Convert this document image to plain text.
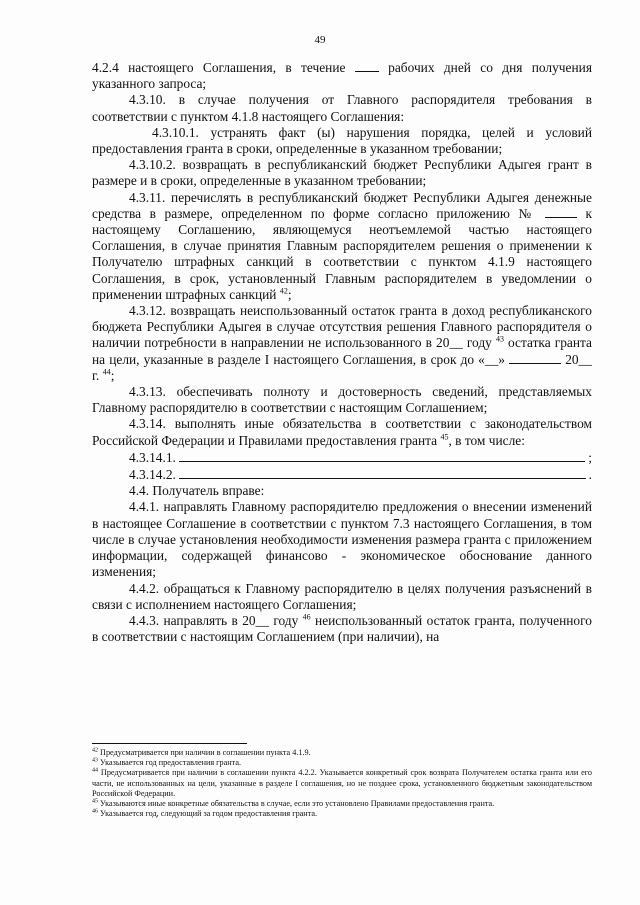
49

4.2.4 настоящего Соглашения, в течение	рабочих дней со дня получения указанного запроса;

4.3.10. в случае получения от Главного распорядителя требования в соответствии с пунктом 4.1.8 настоящего Соглашения:

4.3.10.1. устранять факт (ы) нарушения порядка, целей и условий предоставления гранта в сроки, определенные в указанном требовании;

4.3.10.2. возвращать в республиканский бюджет Республики Адыгея грант в размере и в сроки, определенные в указанном требовании;

4.3.11. перечислять в республиканский бюджет Республики Адыгея денежные средства в размере, определенном по форме согласно приложению №	к настоящему Соглашению, являющемуся неотъемлемой частью настоящего Соглашения, в случае принятия Главным распорядителем решения о применении к Получателю штрафных санкций в соответствии с пунктом 4.1.9 настоящего Соглашения, в срок, установленный Главным распорядителем в уведомлении о применении штрафных санкций $^{42}$;

4.3.12. возвращать неиспользованный остаток гранта в доход республиканского бюджета Республики Адыгея в случае отсутствия решения Главного распорядителя о наличии потребности в направлении не использованного в 20__ году $^{43}$ остатка гранта на цели, указанные в разделе I настоящего Соглашения, в срок до «__»	20__ г. $^{44}$;

4.3.13. обеспечивать полноту и достоверность сведений, представляемых Главному распорядителю в соответствии с настоящим Соглашением;

4.3.14. выполнять иные обязательства в соответствии с законодательством Российской Федерации и Правилами предоставления гранта $^{45}$, в том числе:

4.3.14.1.	;
4.3.14.2.	.

4.4. Получатель вправе:

4.4.1. направлять Главному распорядителю предложения о внесении изменений в настоящее Соглашение в соответствии с пунктом 7.3 настоящего Соглашения, в том числе в случае установления необходимости изменения размера гранта с приложением информации, содержащей финансово - экономическое обоснование данного изменения;

4.4.2. обращаться к Главному распорядителю в целях получения разъяснений в связи с исполнением настоящего Соглашения;

4.4.3. направлять в 20__ году $^{46}$ неиспользованный остаток гранта, полученного в соответствии с настоящим Соглашением (при наличии), на

$^{42}$ Предусматривается при наличии в соглашении пункта 4.1.9.

$^{43}$ Указывается год предоставления гранта.

$^{44}$ Предусматривается при наличии в соглашении пункта 4.2.2. Указывается конкретный срок возврата Получателем остатка гранта или его части, не использованных на цели, указанные в разделе I соглашения, но не позднее срока, установленного бюджетным законодательством Российской Федерации.

$^{45}$ Указываются иные конкретные обязательства в случае, если это установлено Правилами предоставления гранта.

$^{46}$ Указывается год, следующий за годом предоставления гранта.
